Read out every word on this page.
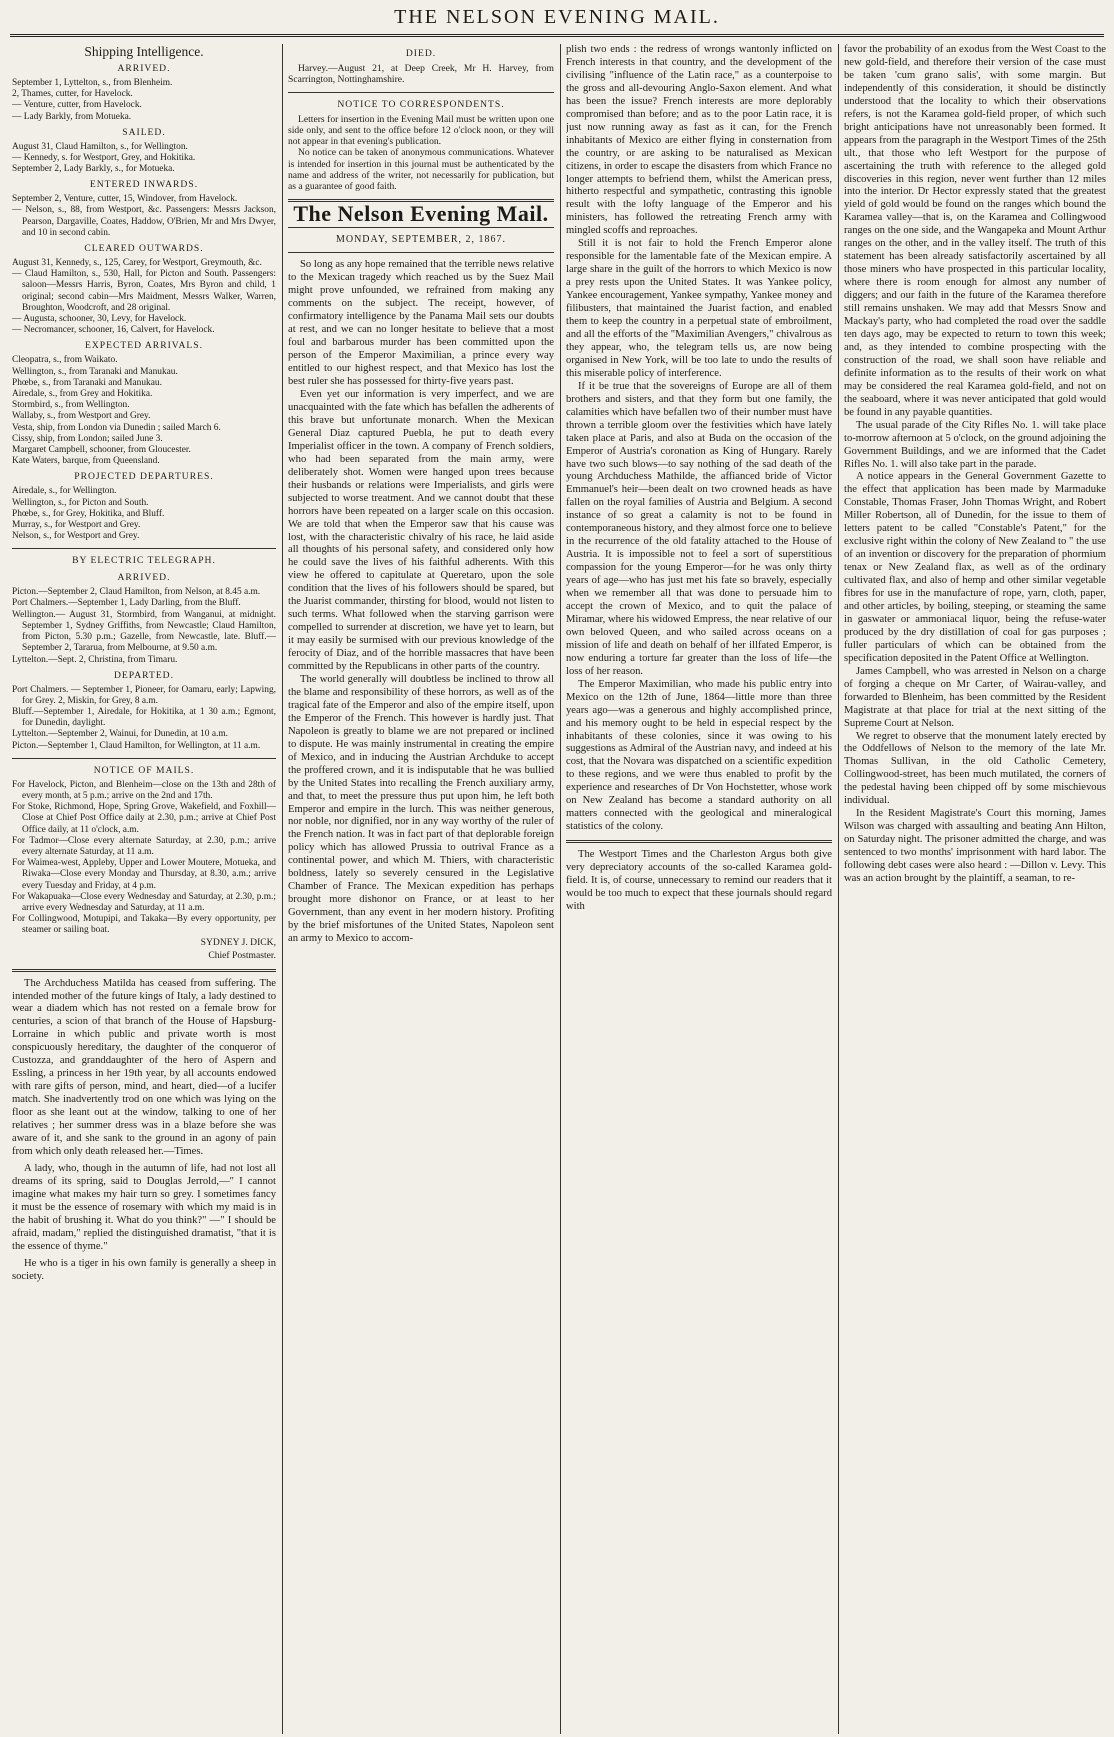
THE NELSON EVENING MAIL.
Shipping Intelligence.
ARRIVED.

September 1, Lyttelton, s., from Blenheim.

2, Thames, cutter, for Havelock.

— Venture, cutter, from Havelock.

— Lady Barkly, from Motueka.

SAILED.

August 31, Claud Hamilton, s., for Wellington.

— Kennedy, s. for Westport, Grey, and Hokitika.

September 2, Lady Barkly, s., for Motueka.

ENTERED INWARDS.

September 2, Venture, cutter, 15, Windover, from Havelock.

— Nelson, s., 88, from Westport, &c. Passengers: Messrs Jackson, Pearson, Dargaville, Coates, Haddow, O'Brien, Mr and Mrs Dwyer, and 10 in second cabin.

CLEARED OUTWARDS.

August 31, Kennedy, s., 125, Carey, for Westport, Greymouth, &c.

— Claud Hamilton, s., 530, Hall, for Picton and South. Passengers: saloon—Messrs Harris, Byron, Coates, Mrs Byron and child, 1 original; second cabin—Mrs Maidment, Messrs Walker, Warren, Broughton, Woodcroft, and 28 original.

— Augusta, schooner, 30, Levy, for Havelock.

— Necromancer, schooner, 16, Calvert, for Havelock.

EXPECTED ARRIVALS.

Cleopatra, s., from Waikato.

Wellington, s., from Taranaki and Manukau.

Phœbe, s., from Taranaki and Manukau.

Airedale, s., from Grey and Hokitika.

Stormbird, s., from Wellington.

Wallaby, s., from Westport and Grey.

Vesta, ship, from London via Dunedin ; sailed March 6.

Cissy, ship, from London; sailed June 3.

Margaret Campbell, schooner, from Gloucester.

Kate Waters, barque, from Queensland.

PROJECTED DEPARTURES.

Airedale, s., for Wellington.

Wellington, s., for Picton and South.

Phœbe, s., for Grey, Hokitika, and Bluff.

Murray, s., for Westport and Grey.

Nelson, s., for Westport and Grey.

BY ELECTRIC TELEGRAPH.
ARRIVED.

Picton.—September 2, Claud Hamilton, from Nelson, at 8.45 a.m.

Port Chalmers.—September 1, Lady Darling, from the Bluff.

Wellington.— August 31, Stormbird, from Wanganui, at midnight. September 1, Sydney Griffiths, from Newcastle; Claud Hamilton, from Picton, 5.30 p.m.; Gazelle, from Newcastle, late. Bluff.—September 2, Tararua, from Melbourne, at 9.50 a.m.

Lyttelton.—Sept. 2, Christina, from Timaru.

DEPARTED.

Port Chalmers. — September 1, Pioneer, for Oamaru, early; Lapwing, for Grey. 2, Miskin, for Grey, 8 a.m.

Bluff.—September 1, Airedale, for Hokitika, at 1 30 a.m.; Egmont, for Dunedin, daylight.

Lyttelton.—September 2, Wainui, for Dunedin, at 10 a.m.

Picton.—September 1, Claud Hamilton, for Wellington, at 11 a.m.

NOTICE OF MAILS.

For Havelock, Picton, and Blenheim—close on the 13th and 28th of every month, at 5 p.m.; arrive on the 2nd and 17th.

For Stoke, Richmond, Hope, Spring Grove, Wakefield, and Foxhill—Close at Chief Post Office daily at 2.30, p.m.; arrive at Chief Post Office daily, at 11 o'clock, a.m.

For Tadmor—Close every alternate Saturday, at 2.30, p.m.; arrive every alternate Saturday, at 11 a.m.

For Waimea-west, Appleby, Upper and Lower Moutere, Motueka, and Riwaka—Close every Monday and Thursday, at 8.30, a.m.; arrive every Tuesday and Friday, at 4 p.m.

For Wakapuaka—Close every Wednesday and Saturday, at 2.30, p.m.; arrive every Wednesday and Saturday, at 11 a.m.

For Collingwood, Motupipi, and Takaka—By every opportunity, per steamer or sailing boat.

SYDNEY J. DICK,

Chief Postmaster.

The Archduchess Matilda has ceased from suffering. The intended mother of the future kings of Italy, a lady destined to wear a diadem which has not rested on a female brow for centuries, a scion of that branch of the House of Hapsburg-Lorraine in which public and private worth is most conspicuously hereditary, the daughter of the conqueror of Custozza, and granddaughter of the hero of Aspern and Essling, a princess in her 19th year, by all accounts endowed with rare gifts of person, mind, and heart, died—of a lucifer match. She inadvertently trod on one which was lying on the floor as she leant out at the window, talking to one of her relatives ; her summer dress was in a blaze before she was aware of it, and she sank to the ground in an agony of pain from which only death released her.—Times.

A lady, who, though in the autumn of life, had not lost all dreams of its spring, said to Douglas Jerrold,—" I cannot imagine what makes my hair turn so grey. I sometimes fancy it must be the essence of rosemary with which my maid is in the habit of brushing it. What do you think?" —" I should be afraid, madam," replied the distinguished dramatist, "that it is the essence of thyme."

He who is a tiger in his own family is generally a sheep in society.

DIED.

Harvey.—August 21, at Deep Creek, Mr H. Harvey, from Scarrington, Nottinghamshire.

NOTICE TO CORRESPONDENTS.

Letters for insertion in the Evening Mail must be written upon one side only, and sent to the office before 12 o'clock noon, or they will not appear in that evening's publication.

No notice can be taken of anonymous communications. Whatever is intended for insertion in this journal must be authenticated by the name and address of the writer, not necessarily for publication, but as a guarantee of good faith.

The Nelson Evening Mail.
MONDAY, SEPTEMBER, 2, 1867.

So long as any hope remained that the terrible news relative to the Mexican tragedy which reached us by the Suez Mail might prove unfounded, we refrained from making any comments on the subject. The receipt, however, of confirmatory intelligence by the Panama Mail sets our doubts at rest, and we can no longer hesitate to believe that a most foul and barbarous murder has been committed upon the person of the Emperor Maximilian, a prince every way entitled to our highest respect, and that Mexico has lost the best ruler she has possessed for thirty-five years past.

Even yet our information is very imperfect, and we are unacquainted with the fate which has befallen the adherents of this brave but unfortunate monarch. When the Mexican General Diaz captured Puebla, he put to death every Imperialist officer in the town. A company of French soldiers, who had been separated from the main army, were deliberately shot. Women were hanged upon trees because their husbands or relations were Imperialists, and girls were subjected to worse treatment. And we cannot doubt that these horrors have been repeated on a larger scale on this occasion. We are told that when the Emperor saw that his cause was lost, with the characteristic chivalry of his race, he laid aside all thoughts of his personal safety, and considered only how he could save the lives of his faithful adherents. With this view he offered to capitulate at Queretaro, upon the sole condition that the lives of his followers should be spared, but the Juarist commander, thirsting for blood, would not listen to such terms. What followed when the starving garrison were compelled to surrender at discretion, we have yet to learn, but it may easily be surmised with our previous knowledge of the ferocity of Diaz, and of the horrible massacres that have been committed by the Republicans in other parts of the country.

The world generally will doubtless be inclined to throw all the blame and responsibility of these horrors, as well as of the tragical fate of the Emperor and also of the empire itself, upon the Emperor of the French. This however is hardly just. That Napoleon is greatly to blame we are not prepared or inclined to dispute. He was mainly instrumental in creating the empire of Mexico, and in inducing the Austrian Archduke to accept the proffered crown, and it is indisputable that he was bullied by the United States into recalling the French auxiliary army, and that, to meet the pressure thus put upon him, he left both Emperor and empire in the lurch. This was neither generous, nor noble, nor dignified, nor in any way worthy of the ruler of the French nation. It was in fact part of that deplorable foreign policy which has allowed Prussia to outrival France as a continental power, and which M. Thiers, with characteristic boldness, lately so severely censured in the Legislative Chamber of France. The Mexican expedition has perhaps brought more dishonor on France, or at least to her Government, than any event in her modern history. Profiting by the brief misfortunes of the United States, Napoleon sent an army to Mexico to accom-

plish two ends : the redress of wrongs wantonly inflicted on French interests in that country, and the development of the civilising "influence of the Latin race," as a counterpoise to the gross and all-devouring Anglo-Saxon element. And what has been the issue? French interests are more deplorably compromised than before; and as to the poor Latin race, it is just now running away as fast as it can, for the French inhabitants of Mexico are either flying in consternation from the country, or are asking to be naturalised as Mexican citizens, in order to escape the disasters from which France no longer attempts to befriend them, whilst the American press, hitherto respectful and sympathetic, contrasting this ignoble result with the lofty language of the Emperor and his ministers, has followed the retreating French army with mingled scoffs and reproaches.

Still it is not fair to hold the French Emperor alone responsible for the lamentable fate of the Mexican empire. A large share in the guilt of the horrors to which Mexico is now a prey rests upon the United States. It was Yankee policy, Yankee encouragement, Yankee sympathy, Yankee money and filibusters, that maintained the Juarist faction, and enabled them to keep the country in a perpetual state of embroilment, and all the efforts of the "Maximilian Avengers," chivalrous as they appear, who, the telegram tells us, are now being organised in New York, will be too late to undo the results of this miserable policy of interference.

If it be true that the sovereigns of Europe are all of them brothers and sisters, and that they form but one family, the calamities which have befallen two of their number must have thrown a terrible gloom over the festivities which have lately taken place at Paris, and also at Buda on the occasion of the Emperor of Austria's coronation as King of Hungary. Rarely have two such blows—to say nothing of the sad death of the young Archduchess Mathilde, the affianced bride of Victor Emmanuel's heir—been dealt on two crowned heads as have fallen on the royal families of Austria and Belgium. A second instance of so great a calamity is not to be found in contemporaneous history, and they almost force one to believe in the recurrence of the old fatality attached to the House of Austria. It is impossible not to feel a sort of superstitious compassion for the young Emperor—for he was only thirty years of age—who has just met his fate so bravely, especially when we remember all that was done to persuade him to accept the crown of Mexico, and to quit the palace of Miramar, where his widowed Empress, the near relative of our own beloved Queen, and who sailed across oceans on a mission of life and death on behalf of her illfated Emperor, is now enduring a torture far greater than the loss of life—the loss of her reason.

The Emperor Maximilian, who made his public entry into Mexico on the 12th of June, 1864—little more than three years ago—was a generous and highly accomplished prince, and his memory ought to be held in especial respect by the inhabitants of these colonies, since it was owing to his suggestions as Admiral of the Austrian navy, and indeed at his cost, that the Novara was dispatched on a scientific expedition to these regions, and we were thus enabled to profit by the experience and researches of Dr Von Hochstetter, whose work on New Zealand has become a standard authority on all matters connected with the geological and mineralogical statistics of the colony.

The Westport Times and the Charleston Argus both give very depreciatory accounts of the so-called Karamea gold-field. It is, of course, unnecessary to remind our readers that it would be too much to expect that these journals should regard with

favor the probability of an exodus from the West Coast to the new gold-field, and therefore their version of the case must be taken 'cum grano salis', with some margin. But independently of this consideration, it should be distinctly understood that the locality to which their observations refers, is not the Karamea gold-field proper, of which such bright anticipations have not unreasonably been formed. It appears from the paragraph in the Westport Times of the 25th ult., that those who left Westport for the purpose of ascertaining the truth with reference to the alleged gold discoveries in this region, never went further than 12 miles into the interior. Dr Hector expressly stated that the greatest yield of gold would be found on the ranges which bound the Karamea valley—that is, on the Karamea and Collingwood ranges on the one side, and the Wangapeka and Mount Arthur ranges on the other, and in the valley itself. The truth of this statement has been already satisfactorily ascertained by all those miners who have prospected in this particular locality, where there is room enough for almost any number of diggers; and our faith in the future of the Karamea therefore still remains unshaken. We may add that Messrs Snow and Mackay's party, who had completed the road over the saddle ten days ago, may be expected to return to town this week; and, as they intended to combine prospecting with the construction of the road, we shall soon have reliable and definite information as to the results of their work on what may be considered the real Karamea gold-field, and not on the seaboard, where it was never anticipated that gold would be found in any payable quantities.

The usual parade of the City Rifles No. 1. will take place to-morrow afternoon at 5 o'clock, on the ground adjoining the Government Buildings, and we are informed that the Cadet Rifles No. 1. will also take part in the parade.

A notice appears in the General Government Gazette to the effect that application has been made by Marmaduke Constable, Thomas Fraser, John Thomas Wright, and Robert Miller Robertson, all of Dunedin, for the issue to them of letters patent to be called "Constable's Patent," for the exclusive right within the colony of New Zealand to " the use of an invention or discovery for the preparation of phormium tenax or New Zealand flax, as well as of the ordinary cultivated flax, and also of hemp and other similar vegetable fibres for use in the manufacture of rope, yarn, cloth, paper, and other articles, by boiling, steeping, or steaming the same in gaswater or ammoniacal liquor, being the refuse-water produced by the dry distillation of coal for gas purposes ; fuller particulars of which can be obtained from the specification deposited in the Patent Office at Wellington.

James Campbell, who was arrested in Nelson on a charge of forging a cheque on Mr Carter, of Wairau-valley, and forwarded to Blenheim, has been committed by the Resident Magistrate at that place for trial at the next sitting of the Supreme Court at Nelson.

We regret to observe that the monument lately erected by the Oddfellows of Nelson to the memory of the late Mr. Thomas Sullivan, in the old Catholic Cemetery, Collingwood-street, has been much mutilated, the corners of the pedestal having been chipped off by some mischievous individual.

In the Resident Magistrate's Court this morning, James Wilson was charged with assaulting and beating Ann Hilton, on Saturday night. The prisoner admitted the charge, and was sentenced to two months' imprisonment with hard labor. The following debt cases were also heard : —Dillon v. Levy. This was an action brought by the plaintiff, a seaman, to re-
